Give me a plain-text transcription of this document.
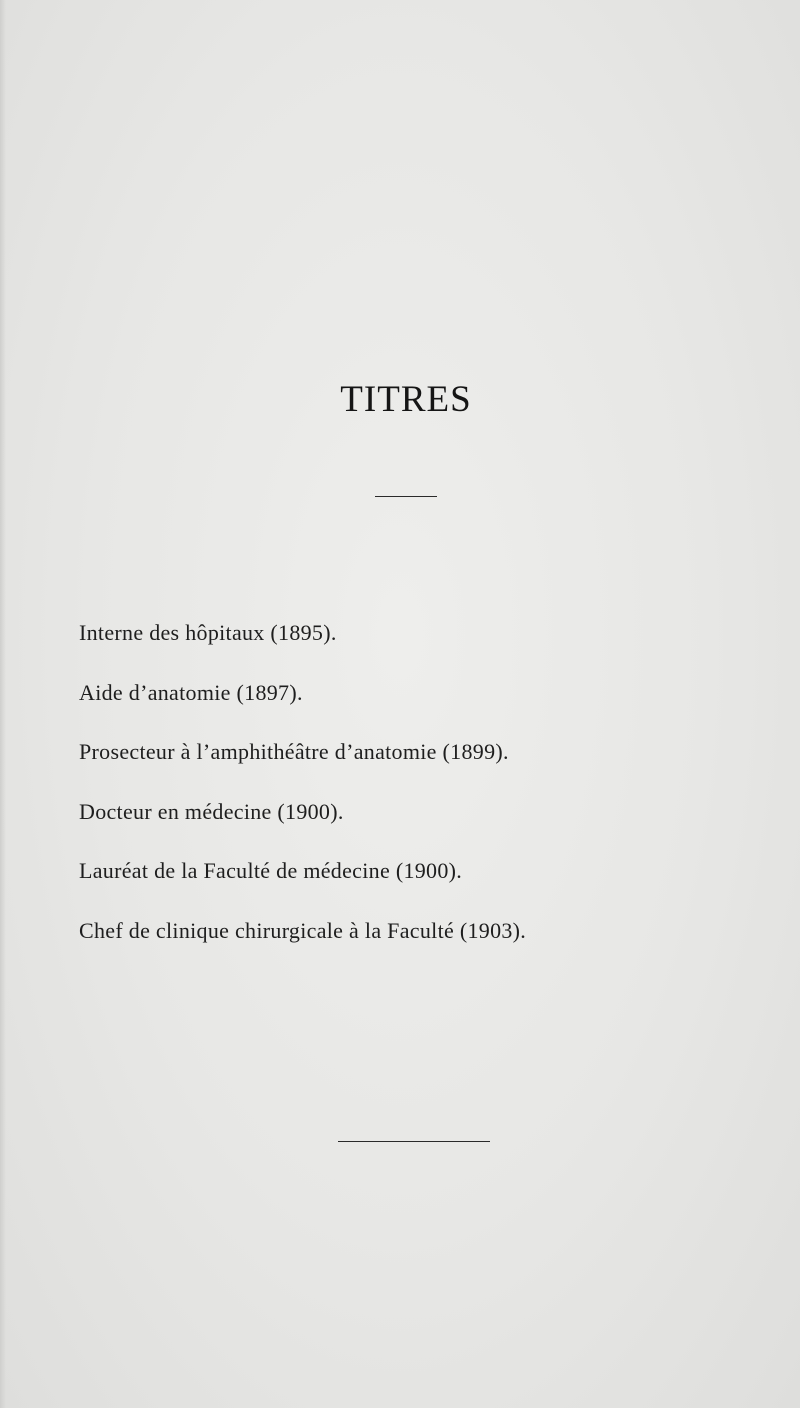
TITRES
Interne des hôpitaux (1895).
Aide d’anatomie (1897).
Prosecteur à l’amphithéâtre d’anatomie (1899).
Docteur en médecine (1900).
Lauréat de la Faculté de médecine (1900).
Chef de clinique chirurgicale à la Faculté (1903).
